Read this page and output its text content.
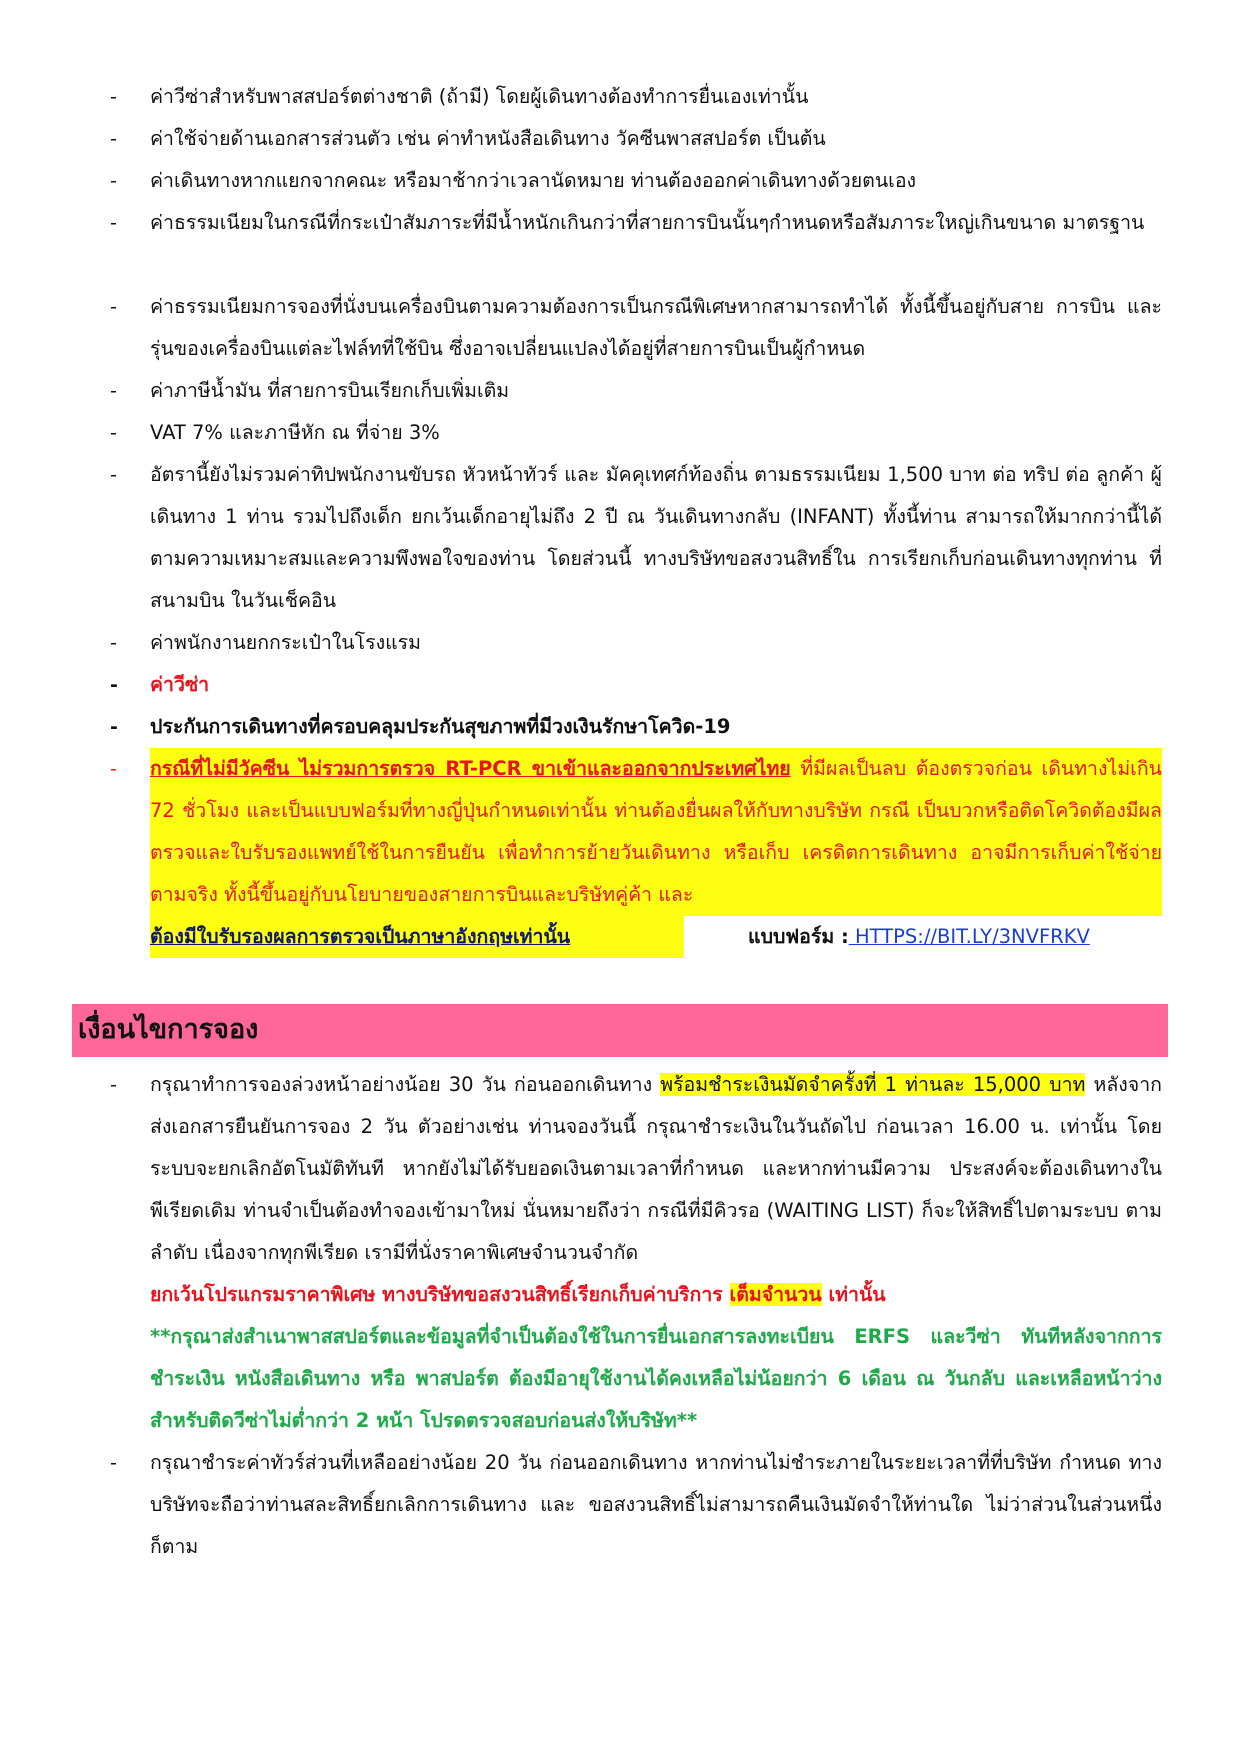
- ค่าวีซ่าสำหรับพาสสปอร์ตต่างชาติ (ถ้ามี) โดยผู้เดินทางต้องทำการยื่นเองเท่านั้น
- ค่าใช้จ่ายด้านเอกสารส่วนตัว เช่น ค่าทำหนังสือเดินทาง วัคซีนพาสสปอร์ต เป็นต้น
- ค่าเดินทางหากแยกจากคณะ หรือมาช้ากว่าเวลานัดหมาย ท่านต้องออกค่าเดินทางด้วยตนเอง
- ค่าธรรมเนียมในกรณีที่กระเป๋าสัมภาระที่มีน้ำหนักเกินกว่าที่สายการบินนั้นๆกำหนดหรือสัมภาระใหญ่เกินขนาด มาตรฐาน
- ค่าธรรมเนียมการจองที่นั่งบนเครื่องบินตามความต้องการเป็นกรณีพิเศษหากสามารถทำได้ ทั้งนี้ขึ้นอยู่กับสาย การบิน และ รุ่นของเครื่องบินแต่ละไฟล์ทที่ใช้บิน ซึ่งอาจเปลี่ยนแปลงได้อยู่ที่สายการบินเป็นผู้กำหนด
- ค่าภาษีน้ำมัน ที่สายการบินเรียกเก็บเพิ่มเติม
- VAT 7% และภาษีหัก ณ ที่จ่าย 3%
- อัตรานี้ยังไม่รวมค่าทิปพนักงานขับรถ หัวหน้าทัวร์ และ มัคคุเทศก์ท้องถิ่น ตามธรรมเนียม 1,500 บาท ต่อ ทริป ต่อ ลูกค้า ผู้เดินทาง 1 ท่าน รวมไปถึงเด็ก ยกเว้นเด็กอายุไม่ถึง 2 ปี ณ วันเดินทางกลับ (INFANT) ทั้งนี้ท่าน สามารถให้มากกว่านี้ได้ตามความเหมาะสมและความพึงพอใจของท่าน โดยส่วนนี้ ทางบริษัทขอสงวนสิทธิ์ใน การเรียกเก็บก่อนเดินทางทุกท่าน ที่สนามบิน ในวันเช็คอิน
- ค่าพนักงานยกกระเป๋าในโรงแรม
- ค่าวีซ่า
- ประกันการเดินทางที่ครอบคลุมประกันสุขภาพที่มีวงเงินรักษาโควิด-19
- กรณีที่ไม่มีวัคซีน ไม่รวมการตรวจ RT-PCR ขาเข้าและออกจากประเทศไทย ที่มีผลเป็นลบ ต้องตรวจก่อน เดินทางไม่เกิน 72 ชั่วโมง และเป็นแบบฟอร์มที่ทางญี่ปุ่นกำหนดเท่านั้น ท่านต้องยื่นผลให้กับทางบริษัท กรณี เป็นบวกหรือติดโควิดต้องมีผลตรวจและใบรับรองแพทย์ใช้ในการยืนยัน เพื่อทำการย้ายวันเดินทาง หรือเก็บ เครดิตการเดินทาง อาจมีการเก็บค่าใช้จ่ายตามจริง ทั้งนี้ขึ้นอยู่กับนโยบายของสายการบินและบริษัทคู่ค้า และ
ต้องมีใบรับรองผลการตรวจเป็นภาษาอังกฤษเท่านั้น	แบบฟอร์ม : HTTPS://BIT.LY/3NVFRKV
เงื่อนไขการจอง
- กรุณาทำการจองล่วงหน้าอย่างน้อย 30 วัน ก่อนออกเดินทาง พร้อมชำระเงินมัดจำครั้งที่ 1 ท่านละ 15,000 บาท หลังจากส่งเอกสารยืนยันการจอง 2 วัน ตัวอย่างเช่น ท่านจองวันนี้ กรุณาชำระเงินในวันถัดไป ก่อนเวลา 16.00 น. เท่านั้น โดยระบบจะยกเลิกอัตโนมัติทันที หากยังไม่ได้รับยอดเงินตามเวลาที่กำหนด และหากท่านมีความ ประสงค์จะต้องเดินทางในพีเรียดเดิม ท่านจำเป็นต้องทำจองเข้ามาใหม่ นั่นหมายถึงว่า กรณีที่มีคิวรอ (WAITING LIST) ก็จะให้สิทธิ์ไปตามระบบ ตามลำดับ เนื่องจากทุกพีเรียด เรามีที่นั่งราคาพิเศษจำนวนจำกัด
ยกเว้นโปรแกรมราคาพิเศษ ทางบริษัทขอสงวนสิทธิ์เรียกเก็บค่าบริการ เต็มจำนวน เท่านั้น
**กรุณาส่งสำเนาพาสสปอร์ตและข้อมูลที่จำเป็นต้องใช้ในการยื่นเอกสารลงทะเบียน ERFS และวีซ่า ทันทีหลังจากการชำระเงิน หนังสือเดินทาง หรือ พาสปอร์ต ต้องมีอายุใช้งานได้คงเหลือไม่น้อยกว่า 6 เดือน ณ วันกลับ และเหลือหน้าว่างสำหรับติดวีซ่าไม่ต่ำกว่า 2 หน้า โปรดตรวจสอบก่อนส่งให้บริษัท**
- กรุณาชำระค่าทัวร์ส่วนที่เหลืออย่างน้อย 20 วัน ก่อนออกเดินทาง หากท่านไม่ชำระภายในระยะเวลาที่ที่บริษัท กำหนด ทางบริษัทจะถือว่าท่านสละสิทธิ์ยกเลิกการเดินทาง และ ขอสงวนสิทธิ์ไม่สามารถคืนเงินมัดจำให้ท่านใด ไม่ว่าส่วนในส่วนหนึ่งก็ตาม
